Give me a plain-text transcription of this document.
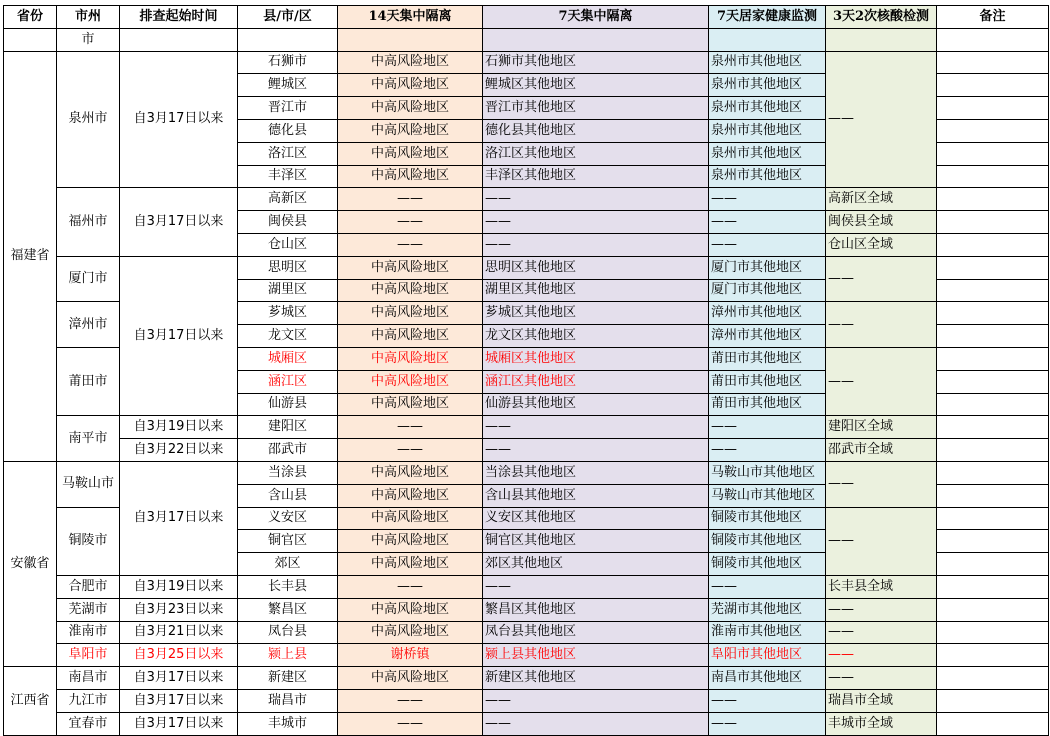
省份	市州	排查起始时间	县/市/区	14天集中隔离	7天集中隔离	7天居家健康监测	3天2次核酸检测	备注
	市							
福建省	泉州市	自3月17日以来	石狮市	中高风险地区	石狮市其他地区	泉州市其他地区	——	
			鲤城区	中高风险地区	鲤城区其他地区	泉州市其他地区		
			晋江市	中高风险地区	晋江市其他地区	泉州市其他地区		
			德化县	中高风险地区	德化县其他地区	泉州市其他地区		
			洛江区	中高风险地区	洛江区其他地区	泉州市其他地区		
			丰泽区	中高风险地区	丰泽区其他地区	泉州市其他地区		
	福州市	自3月17日以来	高新区	——	——	——	高新区全域	
			闽侯县	——	——	——	闽侯县全域	
			仓山区	——	——	——	仓山区全域	
	厦门市	自3月17日以来	思明区	中高风险地区	思明区其他地区	厦门市其他地区	——	
			湖里区	中高风险地区	湖里区其他地区	厦门市其他地区		
	漳州市		芗城区	中高风险地区	芗城区其他地区	漳州市其他地区	——	
			龙文区	中高风险地区	龙文区其他地区	漳州市其他地区		
	莆田市		城厢区	中高风险地区	城厢区其他地区	莆田市其他地区	——	
			涵江区	中高风险地区	涵江区其他地区	莆田市其他地区		
			仙游县	中高风险地区	仙游县其他地区	莆田市其他地区		
	南平市	自3月19日以来	建阳区	——	——	——	建阳区全域	
		自3月22日以来	邵武市	——	——	——	邵武市全域	
安徽省	马鞍山市	自3月17日以来	当涂县	中高风险地区	当涂县其他地区	马鞍山市其他地区	——	
			含山县	中高风险地区	含山县其他地区	马鞍山市其他地区		
	铜陵市		义安区	中高风险地区	义安区其他地区	铜陵市其他地区	——	
			铜官区	中高风险地区	铜官区其他地区	铜陵市其他地区		
			郊区	中高风险地区	郊区其他地区	铜陵市其他地区		
	合肥市	自3月19日以来	长丰县	——	——	——	长丰县全域	
	芜湖市	自3月23日以来	繁昌区	中高风险地区	繁昌区其他地区	芜湖市其他地区	——	
	淮南市	自3月21日以来	凤台县	中高风险地区	凤台县其他地区	淮南市其他地区	——	
	阜阳市	自3月25日以来	颍上县	谢桥镇	颍上县其他地区	阜阳市其他地区	——	
江西省	南昌市	自3月17日以来	新建区	中高风险地区	新建区其他地区	南昌市其他地区	——	
	九江市	自3月17日以来	瑞昌市	——	——	——	瑞昌市全域	
	宜春市	自3月17日以来	丰城市	——	——	——	丰城市全域	
